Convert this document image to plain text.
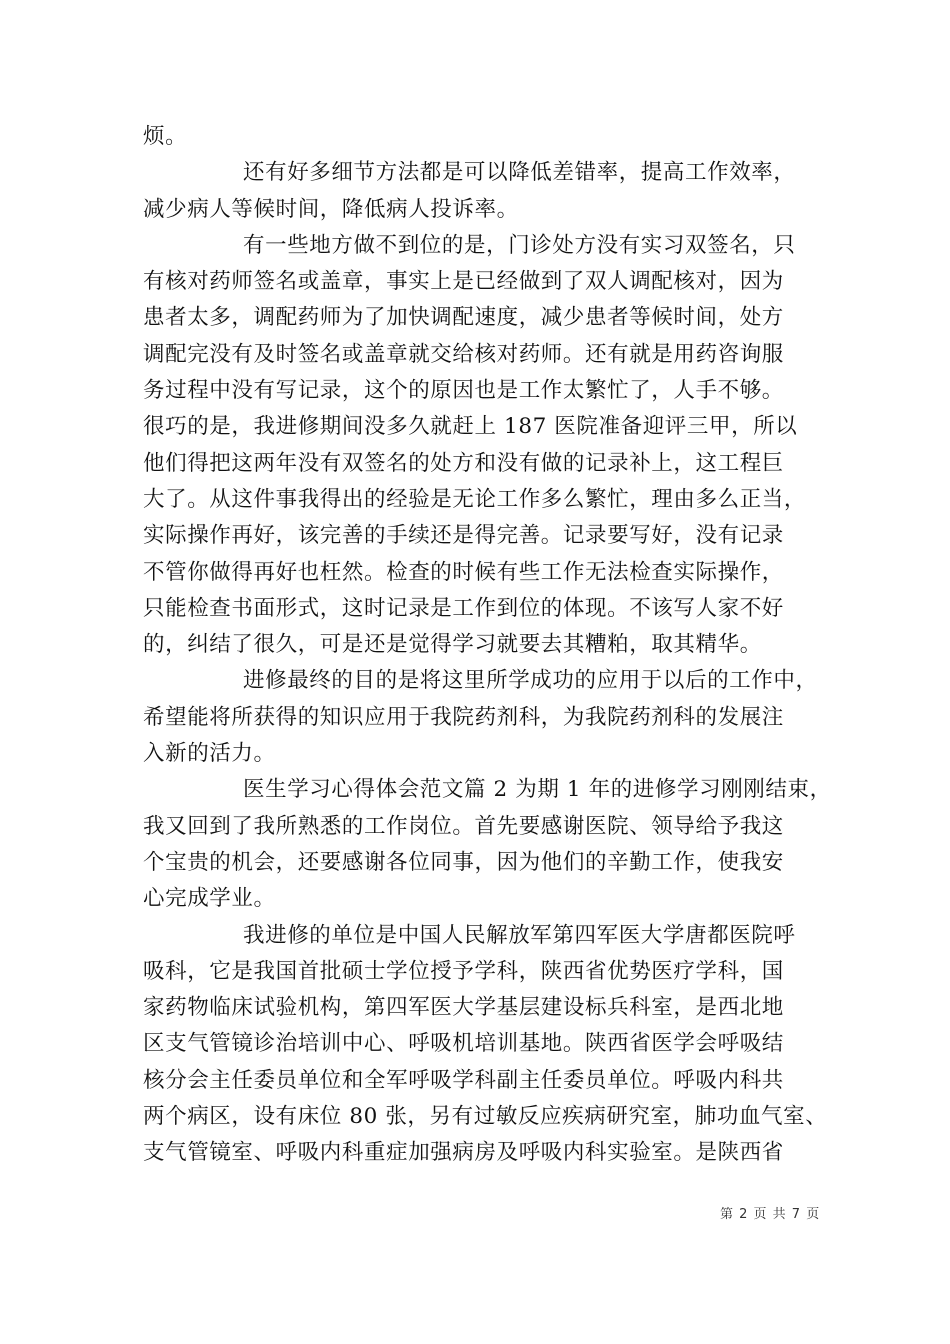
烦。
还有好多细节方法都是可以降低差错率，提高工作效率，
减少病人等候时间，降低病人投诉率。
有一些地方做不到位的是，门诊处方没有实习双签名，只
有核对药师签名或盖章，事实上是已经做到了双人调配核对，因为
患者太多，调配药师为了加快调配速度，减少患者等候时间，处方
调配完没有及时签名或盖章就交给核对药师。还有就是用药咨询服
务过程中没有写记录，这个的原因也是工作太繁忙了，人手不够。
很巧的是，我进修期间没多久就赶上 187 医院准备迎评三甲，所以
他们得把这两年没有双签名的处方和没有做的记录补上，这工程巨
大了。从这件事我得出的经验是无论工作多么繁忙，理由多么正当，
实际操作再好，该完善的手续还是得完善。记录要写好，没有记录
不管你做得再好也枉然。检查的时候有些工作无法检查实际操作，
只能检查书面形式，这时记录是工作到位的体现。不该写人家不好
的，纠结了很久，可是还是觉得学习就要去其糟粕，取其精华。
进修最终的目的是将这里所学成功的应用于以后的工作中，
希望能将所获得的知识应用于我院药剂科，为我院药剂科的发展注
入新的活力。
医生学习心得体会范文篇 2 为期 1 年的进修学习刚刚结束，
我又回到了我所熟悉的工作岗位。首先要感谢医院、领导给予我这
个宝贵的机会，还要感谢各位同事，因为他们的辛勤工作，使我安
心完成学业。
我进修的单位是中国人民解放军第四军医大学唐都医院呼
吸科，它是我国首批硕士学位授予学科，陕西省优势医疗学科，国
家药物临床试验机构，第四军医大学基层建设标兵科室，是西北地
区支气管镜诊治培训中心、呼吸机培训基地。陕西省医学会呼吸结
核分会主任委员单位和全军呼吸学科副主任委员单位。呼吸内科共
两个病区，设有床位 80 张，另有过敏反应疾病研究室，肺功血气室、
支气管镜室、呼吸内科重症加强病房及呼吸内科实验室。是陕西省
第 2 页 共 7 页
